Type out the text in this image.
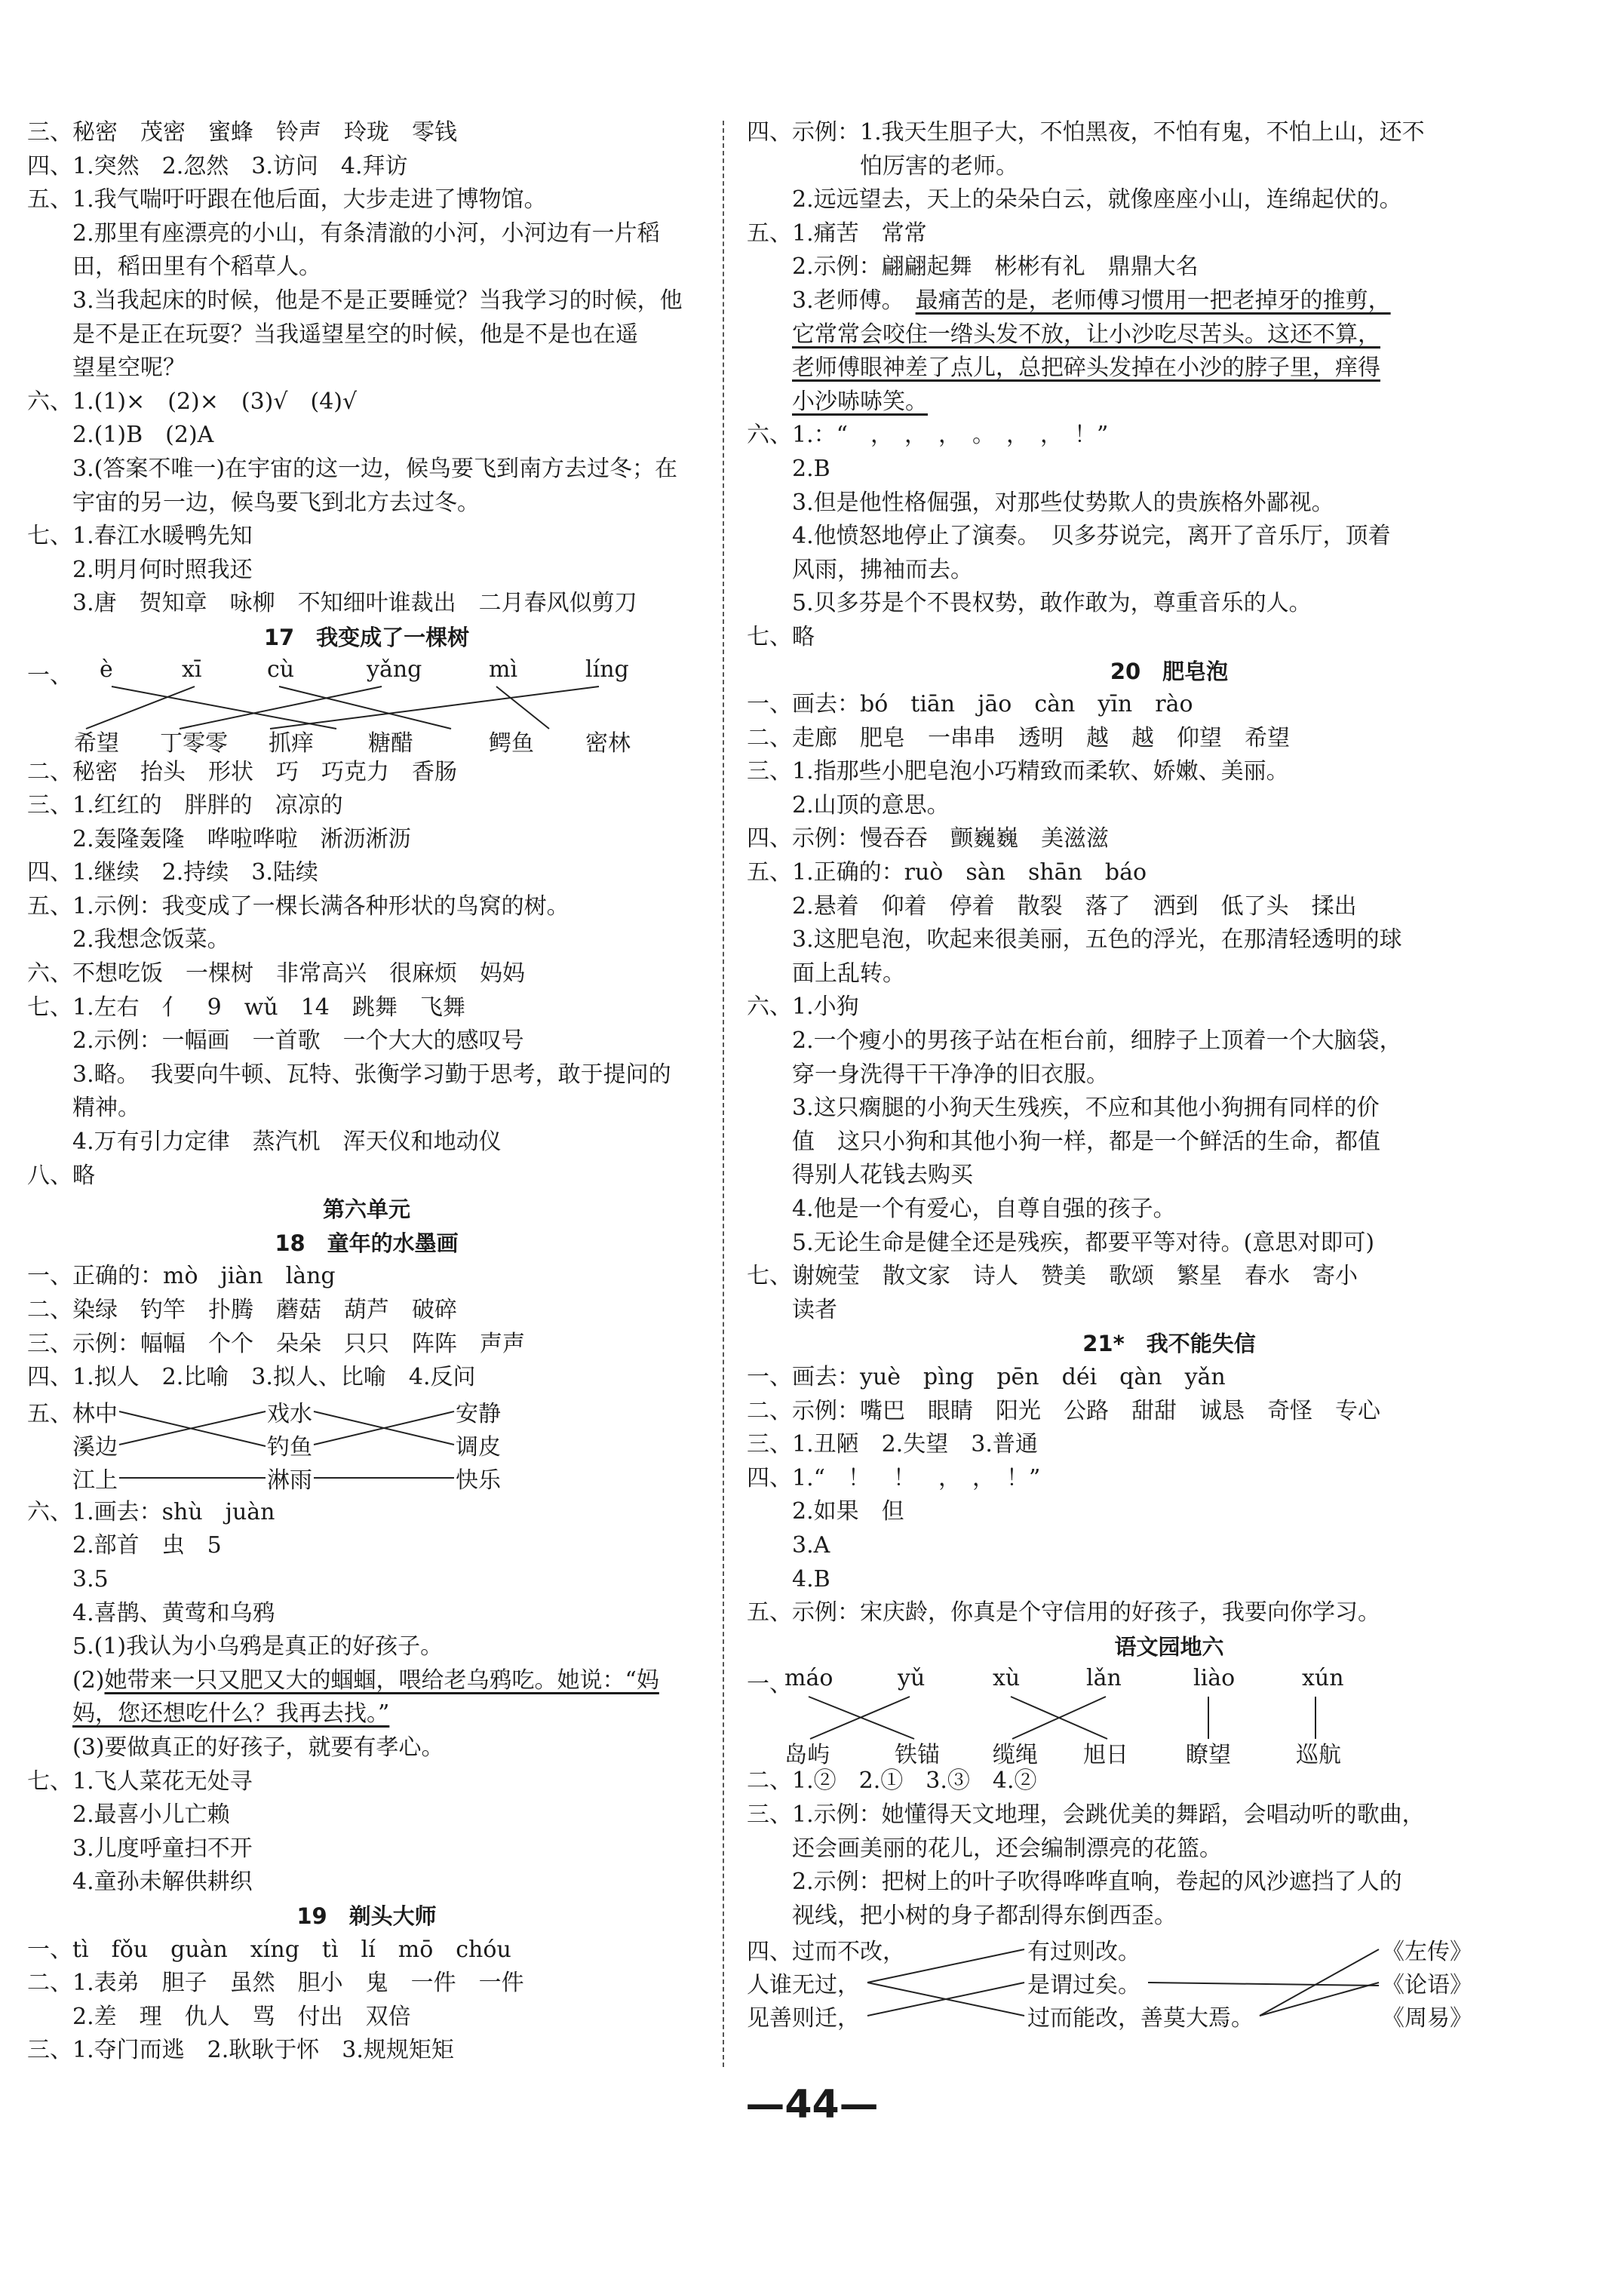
三、秘密　茂密　蜜蜂　铃声　玲珑　零钱
四、1.突然　2.忽然　3.访问　4.拜访
五、1.我气喘吁吁跟在他后面，大步走进了博物馆。
　　2.那里有座漂亮的小山，有条清澈的小河，小河边有一片稻
　　田，稻田里有个稻草人。
　　3.当我起床的时候，他是不是正要睡觉？当我学习的时候，他
　　是不是正在玩耍？当我遥望星空的时候，他是不是也在遥
　　望星空呢？
六、1.(1)×　(2)×　(3)√　(4)√
　　2.(1)B　(2)A
　　3.(答案不唯一)在宇宙的这一边，候鸟要飞到南方去过冬；在
　　宇宙的另一边，候鸟要飞到北方去过冬。
七、1.春江水暖鸭先知
　　2.明月何时照我还
　　3.唐　贺知章　咏柳　不知细叶谁裁出　二月春风似剪刀
17　我变成了一棵树

一、

è

	xī

	cù

	yǎng

	mì

	líng

希望

丁零零

抓痒

糖醋

	鳄鱼

密林

二、秘密　抬头　形状　巧　巧克力　香肠
三、1.红红的　胖胖的　凉凉的
　　2.轰隆轰隆　哗啦哗啦　淅沥淅沥
四、1.继续　2.持续　3.陆续
五、1.示例：我变成了一棵长满各种形状的鸟窝的树。
　　2.我想念饭菜。
六、不想吃饭　一棵树　非常高兴　很麻烦　妈妈
七、1.左右　亻　9　wǔ　14　跳舞　飞舞
　　2.示例：一幅画　一首歌　一个大大的感叹号
　　3.略。　我要向牛顿、瓦特、张衡学习勤于思考，敢于提问的
　　精神。
　　4.万有引力定律　蒸汽机　浑天仪和地动仪
八、略
第六单元
18　童年的水墨画
一、正确的：mò　jiàn　làng
二、染绿　钓竿　扑腾　蘑菇　葫芦　破碎
三、示例：幅幅　个个　朵朵　只只　阵阵　声声
四、1.拟人　2.比喻　3.拟人、比喻　4.反问

五、

林中

溪边

江上

戏水

钓鱼

淋雨

安静

调皮

快乐

六、1.画去：shù　juàn
　　2.部首　虫　5
　　3.5
　　4.喜鹊、黄莺和乌鸦
　　5.(1)我认为小乌鸦是真正的好孩子。
　　(2)她带来一只又肥又大的蝈蝈，喂给老乌鸦吃。她说：“妈
　　妈，您还想吃什么？我再去找。”
　　(3)要做真正的好孩子，就要有孝心。
七、1.飞人菜花无处寻
　　2.最喜小儿亡赖
　　3.儿度呼童扫不开
　　4.童孙未解供耕织
19　剃头大师
一、tì　fǒu　guàn　xíng　tì　lí　mō　chóu
二、1.表弟　胆子　虽然　胆小　鬼　一件　一件
　　2.差　理　仇人　骂　付出　双倍
三、1.夺门而逃　2.耿耿于怀　3.规规矩矩
四、示例：1.我天生胆子大，不怕黑夜，不怕有鬼，不怕上山，还不
　　　　　怕厉害的老师。
　　2.远远望去，天上的朵朵白云，就像座座小山，连绵起伏的。
五、1.痛苦　常常
　　2.示例：翩翩起舞　彬彬有礼　鼎鼎大名
　　3.老师傅。　最痛苦的是，老师傅习惯用一把老掉牙的推剪，
它常常会咬住一绺头发不放，让小沙吃尽苦头。这还不算，
老师傅眼神差了点儿，总把碎头发掉在小沙的脖子里，痒得
小沙哧哧笑。
六、1.：“　，　，　，　。　，　，　！”
　　2.B
　　3.但是他性格倔强，对那些仗势欺人的贵族格外鄙视。
　　4.他愤怒地停止了演奏。　贝多芬说完，离开了音乐厅，顶着
　　风雨，拂袖而去。
　　5.贝多芬是个不畏权势，敢作敢为，尊重音乐的人。
七、略
20　肥皂泡
一、画去：bó　tiān　jāo　càn　yīn　rào
二、走廊　肥皂　一串串　透明　越　越　仰望　希望
三、1.指那些小肥皂泡小巧精致而柔软、娇嫩、美丽。
　　2.山顶的意思。
四、示例：慢吞吞　颤巍巍　美滋滋
五、1.正确的：ruò　sàn　shān　báo
　　2.悬着　仰着　停着　散裂　落了　洒到　低了头　揉出
　　3.这肥皂泡，吹起来很美丽，五色的浮光，在那清轻透明的球
　　面上乱转。
六、1.小狗
　　2.一个瘦小的男孩子站在柜台前，细脖子上顶着一个大脑袋，
　　穿一身洗得干干净净的旧衣服。
　　3.这只瘸腿的小狗天生残疾，不应和其他小狗拥有同样的价
　　值　这只小狗和其他小狗一样，都是一个鲜活的生命，都值
　　得别人花钱去购买
　　4.他是一个有爱心，自尊自强的孩子。
　　5.无论生命是健全还是残疾，都要平等对待。(意思对即可)
七、谢婉莹　散文家　诗人　赞美　歌颂　繁星　春水　寄小
　　读者
21*　我不能失信
一、画去：yuè　pìng　pēn　déi　qàn　yǎn
二、示例：嘴巴　眼睛　阳光　公路　甜甜　诚恳　奇怪　专心
三、1.丑陋　2.失望　3.普通
四、1.“　！　！　，　，　！”
　　2.如果　但
　　3.A
　　4.B
五、示例：宋庆龄，你真是个守信用的好孩子，我要向你学习。
语文园地六

一、

máo

	yǔ

	xù

	lǎn

	liào

	xún

岛屿

	铁锚

缆绳

旭日

	瞭望

	巡航

二、1.②　2.①　3.③　4.②
三、1.示例：她懂得天文地理，会跳优美的舞蹈，会唱动听的歌曲，
　　还会画美丽的花儿，还会编制漂亮的花篮。
　　2.示例：把树上的叶子吹得哗哗直响，卷起的风沙遮挡了人的
　　视线，把小树的身子都刮得东倒西歪。

四、

过而不改，

人谁无过，

见善则迁，

有过则改。

是谓过矣。

过而能改，善莫大焉。

《左传》

《论语》

《周易》

—44—
